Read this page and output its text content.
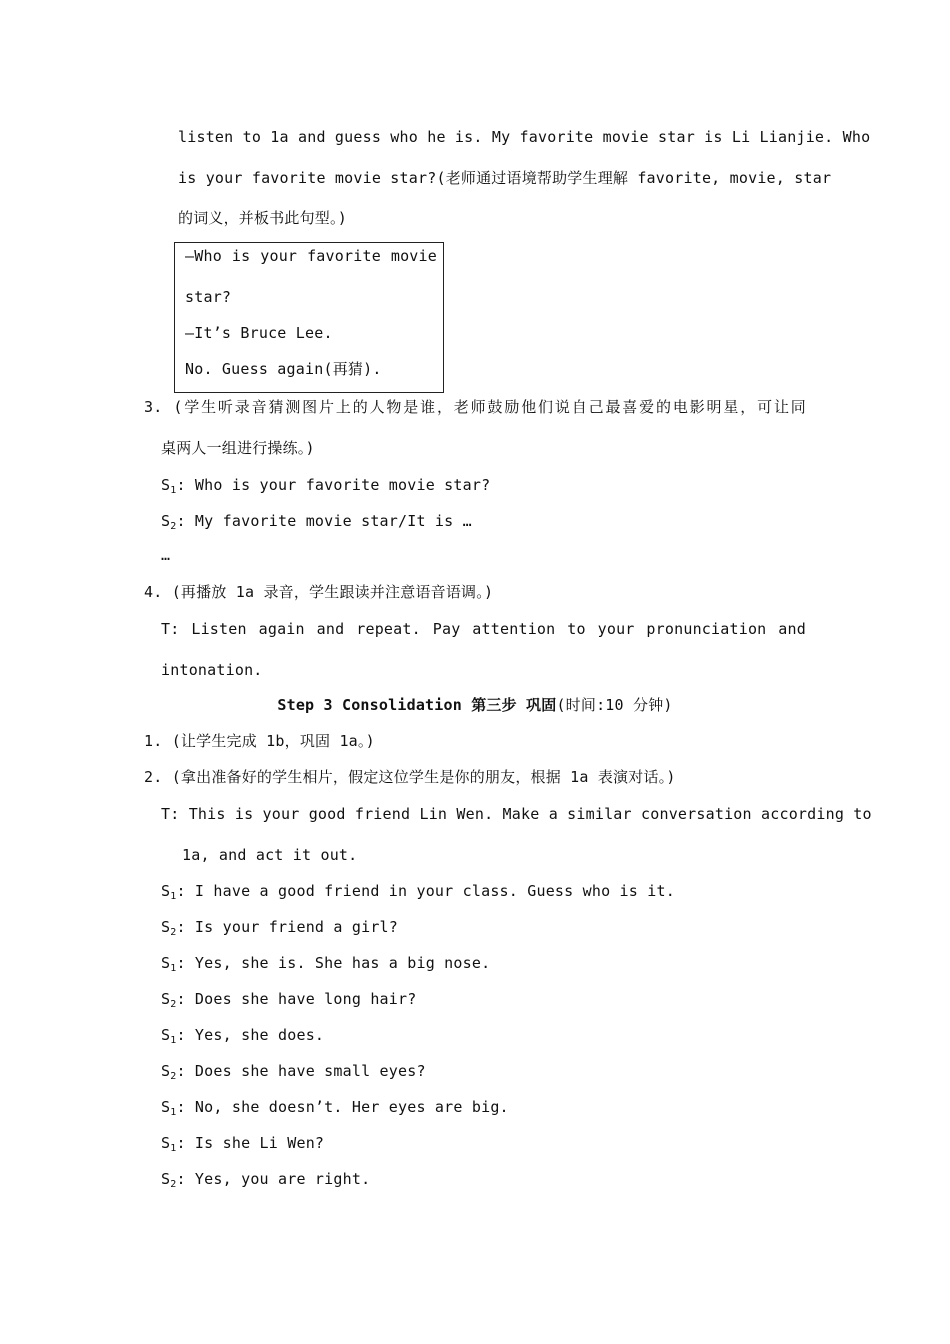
listen to 1a and guess who he is. My favorite movie star is Li Lianjie. Who
is your favorite movie star?(老师通过语境帮助学生理解 favorite, movie, star
的词义，并板书此句型。)
—Who is your favorite movie
star?
—It’s Bruce Lee.
No. Guess again(再猜).
3. (学生听录音猜测图片上的人物是谁，老师鼓励他们说自己最喜爱的电影明星，可让同
桌两人一组进行操练。)
$S_1$: Who is your favorite movie star?
$S_2$: My favorite movie star/It is …
…
4. (再播放 1a 录音，学生跟读并注意语音语调。)
T: Listen again and repeat. Pay attention to your pronunciation and
intonation.
Step 3 Consolidation 第三步 巩固(时间:10 分钟)
1. (让学生完成 1b，巩固 1a。)
2. (拿出准备好的学生相片，假定这位学生是你的朋友，根据 1a 表演对话。)
T: This is your good friend Lin Wen. Make a similar conversation according to
1a, and act it out.
$S_1$: I have a good friend in your class. Guess who is it.
$S_2$: Is your friend a girl?
$S_1$: Yes, she is. She has a big nose.
$S_2$: Does she have long hair?
$S_1$: Yes, she does.
$S_2$: Does she have small eyes?
$S_1$: No, she doesn’t. Her eyes are big.
$S_1$: Is she Li Wen?
$S_2$: Yes, you are right.
